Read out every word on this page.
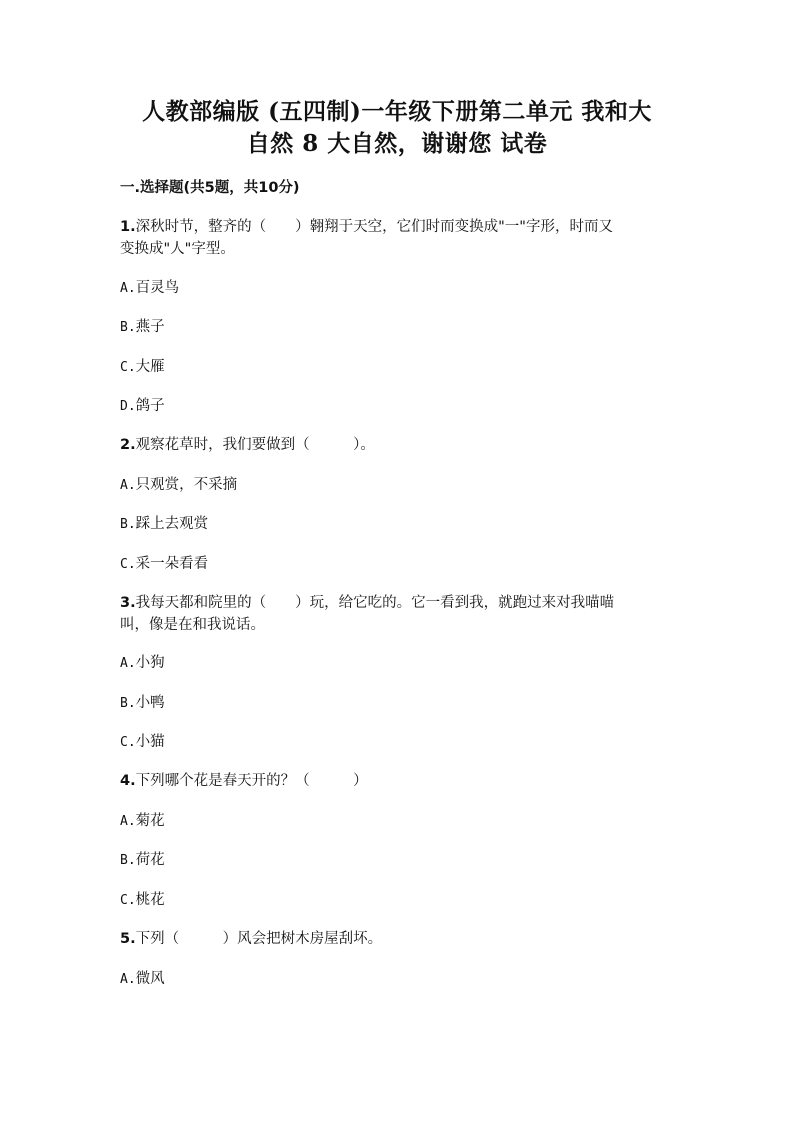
人教部编版 (五四制)一年级下册第二单元 我和大
自然 8 大自然，谢谢您 试卷
一.选择题(共5题，共10分)
1.深秋时节，整齐的（　　）翱翔于天空，它们时而变换成"一"字形，时而又
变换成"人"字型。
A.百灵鸟
B.燕子
C.大雁
D.鸽子
2.观察花草时，我们要做到（　　　）。
A.只观赏，不采摘
B.踩上去观赏
C.采一朵看看
3.我每天都和院里的（　　）玩，给它吃的。它一看到我，就跑过来对我喵喵
叫，像是在和我说话。
A.小狗
B.小鸭
C.小猫
4.下列哪个花是春天开的？（　　　）
A.菊花
B.荷花
C.桃花
5.下列（　　　）风会把树木房屋刮坏。
A.微风
